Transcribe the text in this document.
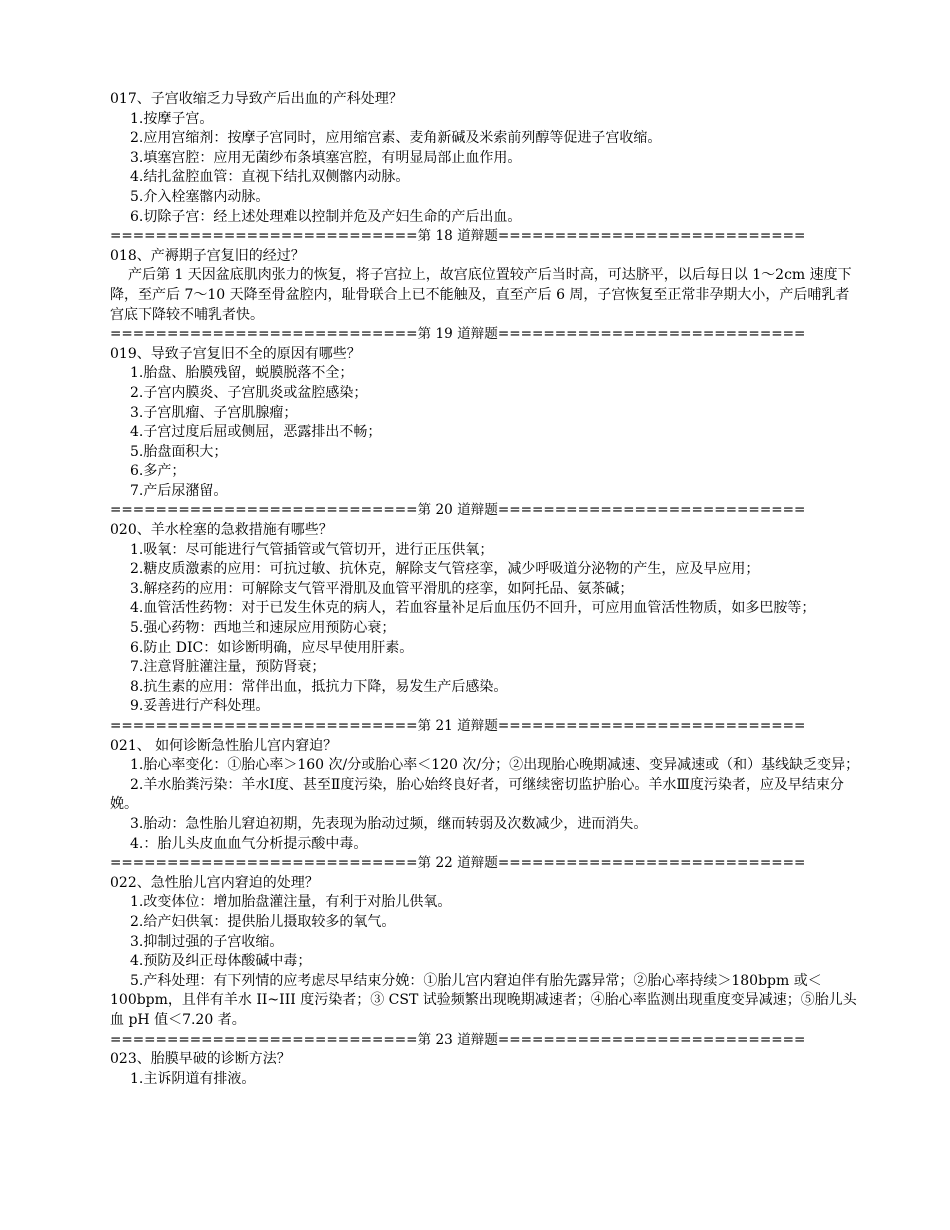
017、子宫收缩乏力导致产后出血的产科处理？
1.按摩子宫。
2.应用宫缩剂：按摩子宫同时，应用缩宫素、麦角新碱及米索前列醇等促进子宫收缩。
3.填塞宫腔：应用无菌纱布条填塞宫腔，有明显局部止血作用。
4.结扎盆腔血管：直视下结扎双侧髂内动脉。
5.介入栓塞髂内动脉。
6.切除子宫：经上述处理难以控制并危及产妇生命的产后出血。
===========================第 18 道辩题===========================
018、产褥期子宫复旧的经过？
产后第 1 天因盆底肌肉张力的恢复，将子宫拉上，故宫底位置较产后当时高，可达脐平，以后每日以 1～2cm 速度下降，至产后 7～10 天降至骨盆腔内，耻骨联合上已不能触及，直至产后 6 周，子宫恢复至正常非孕期大小，产后哺乳者宫底下降较不哺乳者快。
===========================第 19 道辩题===========================
019、导致子宫复旧不全的原因有哪些？
1.胎盘、胎膜残留，蜕膜脱落不全；
2.子宫内膜炎、子宫肌炎或盆腔感染；
3.子宫肌瘤、子宫肌腺瘤；
4.子宫过度后屈或侧屈，恶露排出不畅；
5.胎盘面积大；
6.多产；
7.产后尿潴留。
===========================第 20 道辩题===========================
020、羊水栓塞的急救措施有哪些？
1.吸氧：尽可能进行气管插管或气管切开，进行正压供氧；
2.糖皮质激素的应用：可抗过敏、抗休克，解除支气管痉挛，减少呼吸道分泌物的产生，应及早应用；
3.解痉药的应用：可解除支气管平滑肌及血管平滑肌的痉挛，如阿托品、氨茶碱；
4.血管活性药物：对于已发生休克的病人，若血容量补足后血压仍不回升，可应用血管活性物质，如多巴胺等；
5.强心药物：西地兰和速尿应用预防心衰；
6.防止 DIC：如诊断明确，应尽早使用肝素。
7.注意肾脏灌注量，预防肾衰；
8.抗生素的应用：常伴出血，抵抗力下降，易发生产后感染。
9.妥善进行产科处理。
===========================第 21 道辩题===========================
021、 如何诊断急性胎儿宫内窘迫？
1.胎心率变化：①胎心率＞160 次/分或胎心率＜120 次/分；②出现胎心晚期减速、变异减速或（和）基线缺乏变异；
2.羊水胎粪污染：羊水Ⅰ度、甚至Ⅱ度污染，胎心始终良好者，可继续密切监护胎心。羊水Ⅲ度污染者，应及早结束分娩。
3.胎动：急性胎儿窘迫初期，先表现为胎动过频，继而转弱及次数减少，进而消失。
4.：胎儿头皮血血气分析提示酸中毒。
===========================第 22 道辩题===========================
022、急性胎儿宫内窘迫的处理？
1.改变体位：增加胎盘灌注量，有利于对胎儿供氧。
2.给产妇供氧：提供胎儿摄取较多的氧气。
3.抑制过强的子宫收缩。
4.预防及纠正母体酸碱中毒；
5.产科处理：有下列情的应考虑尽早结束分娩：①胎儿宫内窘迫伴有胎先露异常；②胎心率持续＞180bpm 或＜100bpm，且伴有羊水 II~III 度污染者；③ CST 试验频繁出现晚期减速者；④胎心率监测出现重度变异减速；⑤胎儿头血 pH 值＜7.20 者。
===========================第 23 道辩题===========================
023、胎膜早破的诊断方法？
1.主诉阴道有排液。
